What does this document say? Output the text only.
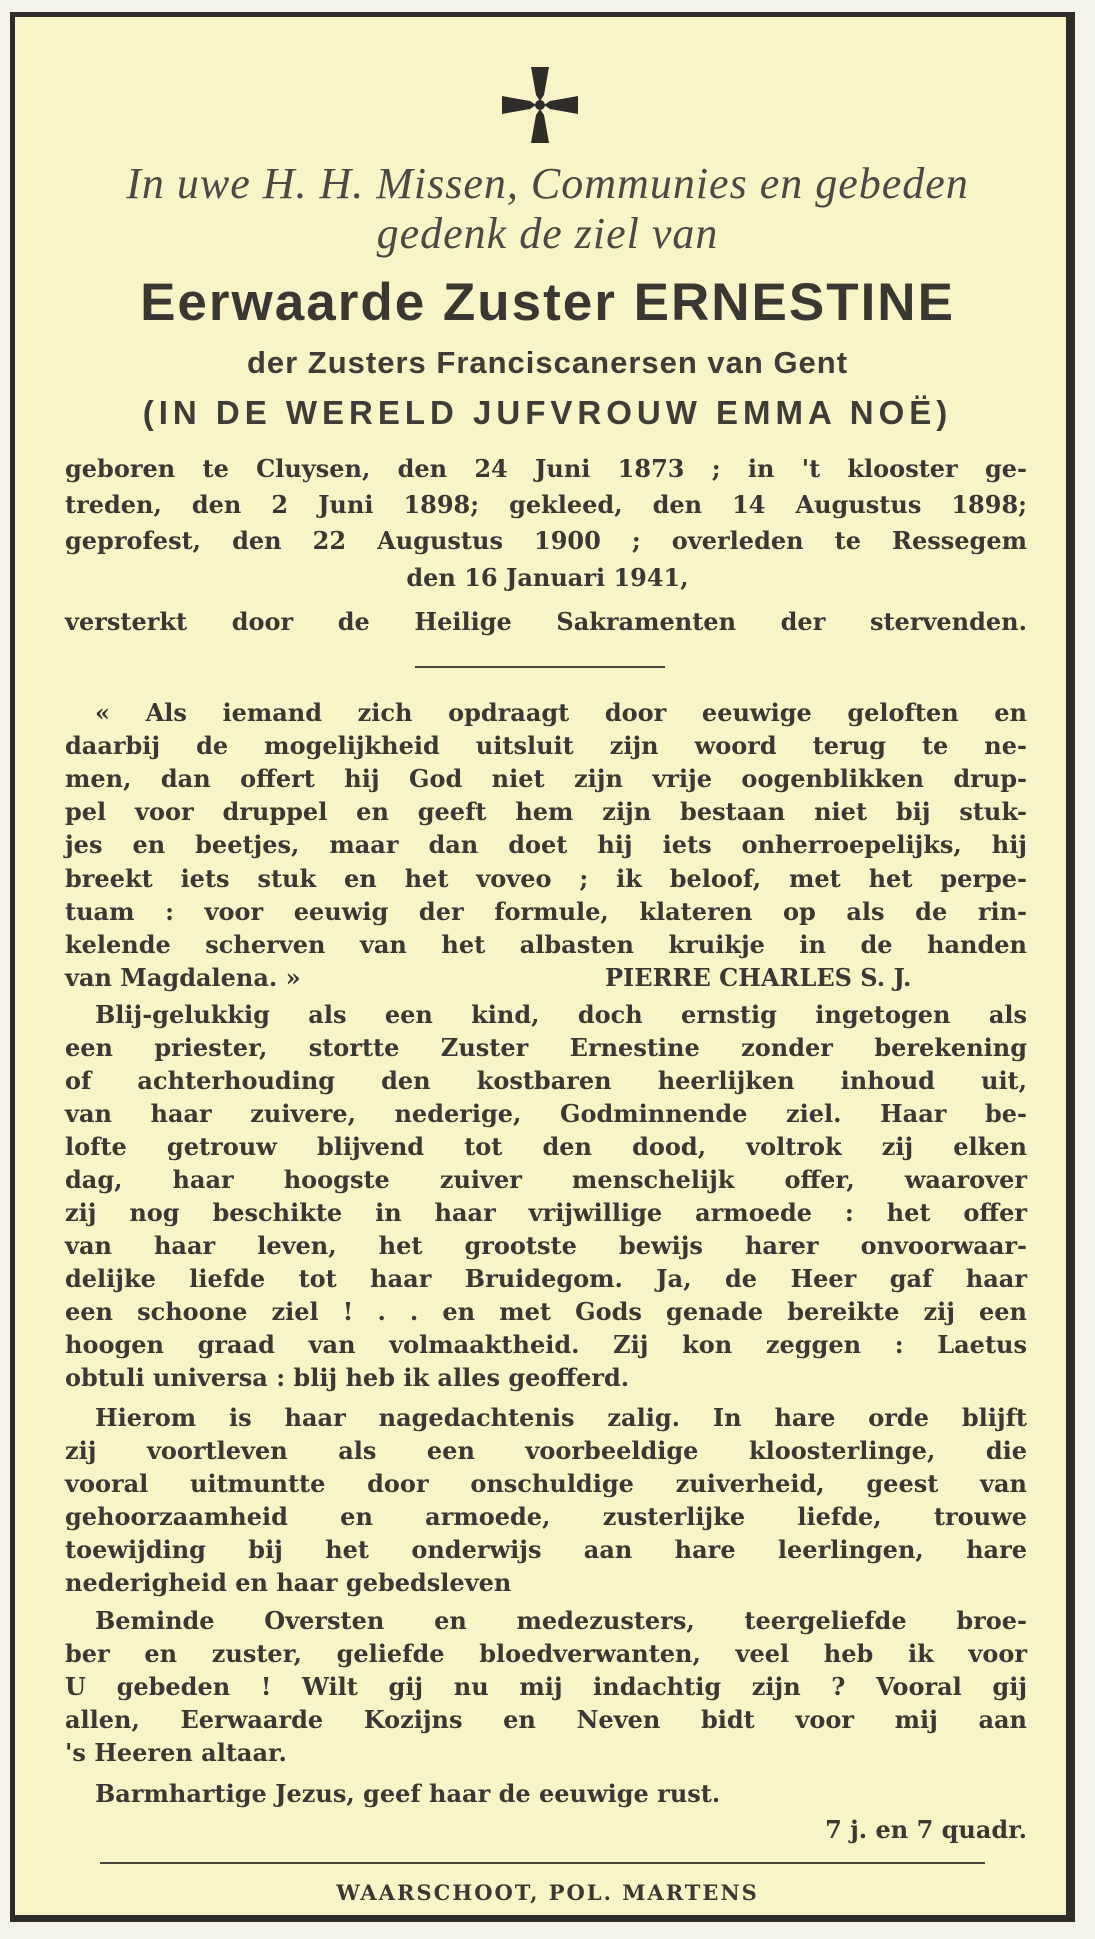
In uwe H. H. Missen, Communies en gebeden
gedenk de ziel van
Eerwaarde Zuster ERNESTINE
der Zusters Franciscanersen van Gent
(IN DE WERELD JUFVROUW EMMA NOË)
geboren te Cluysen, den 24 Juni 1873 ; in 't klooster ge-
treden, den 2 Juni 1898; gekleed, den 14 Augustus 1898;
geprofest, den 22 Augustus 1900 ; overleden te Ressegem
den 16 Januari 1941,
versterkt door de Heilige Sakramenten der stervenden.
« Als iemand zich opdraagt door eeuwige geloften en
daarbij de mogelijkheid uitsluit zijn woord terug te ne-
men, dan offert hij God niet zijn vrije oogenblikken drup-
pel voor druppel en geeft hem zijn bestaan niet bij stuk-
jes en beetjes, maar dan doet hij iets onherroepelijks, hij
breekt iets stuk en het voveo ; ik beloof, met het perpe-
tuam : voor eeuwig der formule, klateren op als de rin-
kelende scherven van het albasten kruikje in de handen
van Magdalena. »	PIERRE CHARLES S. J.
Blij-gelukkig als een kind, doch ernstig ingetogen als
een priester, stortte Zuster Ernestine zonder berekening
of achterhouding den kostbaren heerlijken inhoud uit,
van haar zuivere, nederige, Godminnende ziel. Haar be-
lofte getrouw blijvend tot den dood, voltrok zij elken
dag, haar hoogste zuiver menschelijk offer, waarover
zij nog beschikte in haar vrijwillige armoede : het offer
van haar leven, het grootste bewijs harer onvoorwaar-
delijke liefde tot haar Bruidegom. Ja, de Heer gaf haar
een schoone ziel ! . . en met Gods genade bereikte zij een
hoogen graad van volmaaktheid. Zij kon zeggen : Laetus
obtuli universa : blij heb ik alles geofferd.
Hierom is haar nagedachtenis zalig. In hare orde blijft
zij voortleven als een voorbeeldige kloosterlinge, die
vooral uitmuntte door onschuldige zuiverheid, geest van
gehoorzaamheid en armoede, zusterlijke liefde, trouwe
toewijding bij het onderwijs aan hare leerlingen, hare
nederigheid en haar gebedsleven
Beminde Oversten en medezusters, teergeliefde broe-
ber en zuster, geliefde bloedverwanten, veel heb ik voor
U gebeden ! Wilt gij nu mij indachtig zijn ? Vooral gij
allen, Eerwaarde Kozijns en Neven bidt voor mij aan
's Heeren altaar.
Barmhartige Jezus, geef haar de eeuwige rust.
7 j. en 7 quadr.
WAARSCHOOT, POL. MARTENS
